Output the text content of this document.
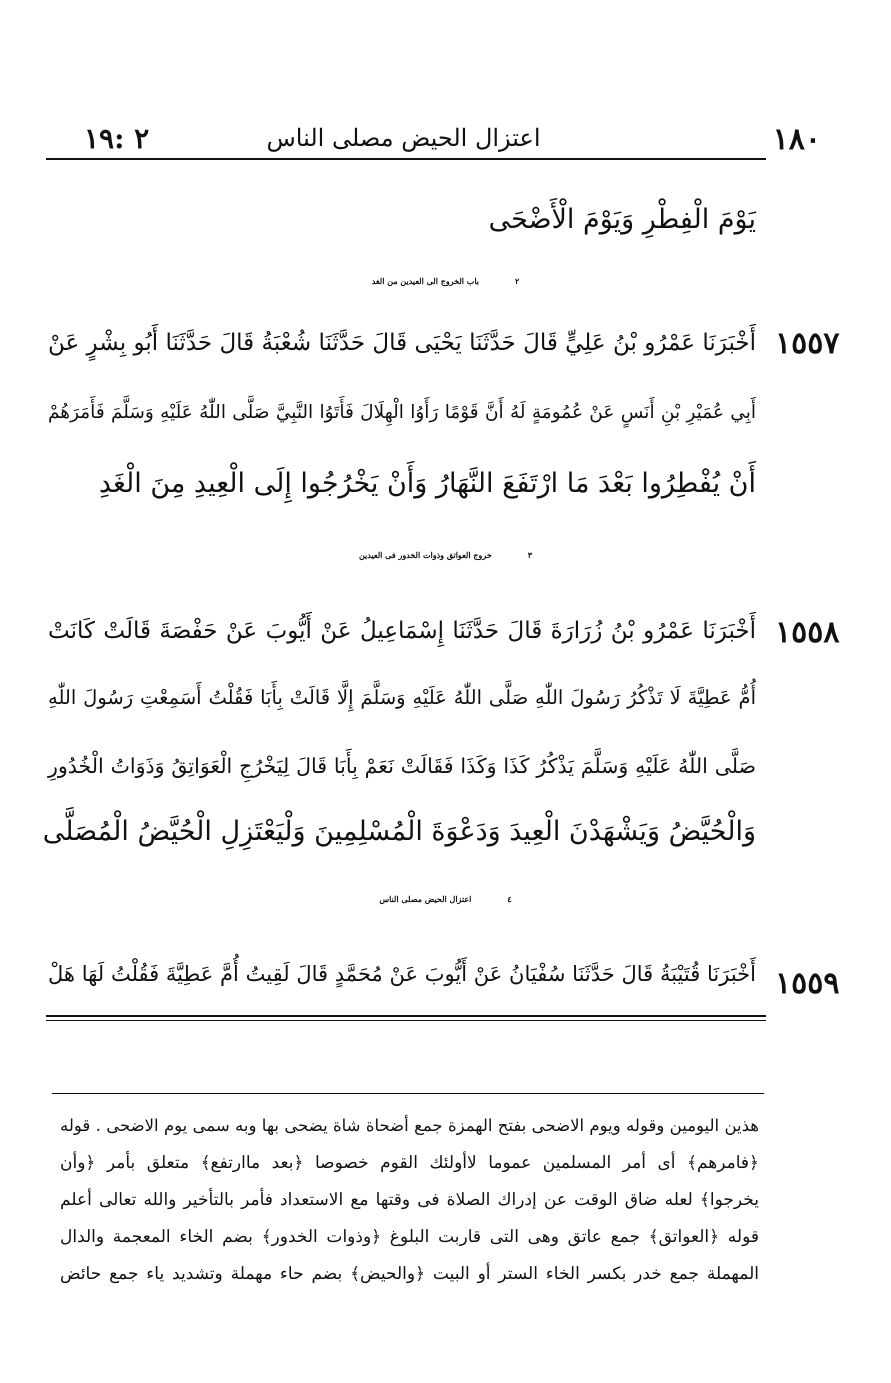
١٨٠
اعتزال الحيض مصلى الناس
٢ :١٩
يَوْمَ الْفِطْرِ وَيَوْمَ الْأَضْحَى
٢باب الخروج الى العيدين من الغد
١٥٥٧
أَخْبَرَنَا عَمْرُو بْنُ عَلِيٍّ قَالَ حَدَّثَنَا يَحْيَى قَالَ حَدَّثَنَا شُعْبَةُ قَالَ حَدَّثَنَا أَبُو بِشْرٍ عَنْ
أَبِي عُمَيْرِ بْنِ أَنَسٍ عَنْ عُمُومَةٍ لَهُ أَنَّ قَوْمًا رَأَوُا الْهِلَالَ فَأَتَوُا النَّبِيَّ صَلَّى اللّٰهُ عَلَيْهِ وَسَلَّمَ فَأَمَرَهُمْ
أَنْ يُفْطِرُوا بَعْدَ مَا ارْتَفَعَ النَّهَارُ وَأَنْ يَخْرُجُوا إِلَى الْعِيدِ مِنَ الْغَدِ
٣خروج العواتق وذوات الخدور فى العيدين
١٥٥٨
أَخْبَرَنَا عَمْرُو بْنُ زُرَارَةَ قَالَ حَدَّثَنَا إِسْمَاعِيلُ عَنْ أَيُّوبَ عَنْ حَفْصَةَ قَالَتْ كَانَتْ
أُمُّ عَطِيَّةَ لَا تَذْكُرُ رَسُولَ اللّٰهِ صَلَّى اللّٰهُ عَلَيْهِ وَسَلَّمَ إِلَّا قَالَتْ بِأَبَا فَقُلْتُ أَسَمِعْتِ رَسُولَ اللّٰهِ
صَلَّى اللّٰهُ عَلَيْهِ وَسَلَّمَ يَذْكُرُ كَذَا وَكَذَا فَقَالَتْ نَعَمْ بِأَبَا قَالَ لِيَخْرُجِ الْعَوَاتِقُ وَذَوَاتُ الْخُدُورِ
وَالْحُيَّضُ وَيَشْهَدْنَ الْعِيدَ وَدَعْوَةَ الْمُسْلِمِينَ وَلْيَعْتَزِلِ الْحُيَّضُ الْمُصَلَّى
٤اعتزال الحيض مصلى الناس
١٥٥٩
أَخْبَرَنَا قُتَيْبَةُ قَالَ حَدَّثَنَا سُفْيَانُ عَنْ أَيُّوبَ عَنْ مُحَمَّدٍ قَالَ لَقِيتُ أُمَّ عَطِيَّةَ فَقُلْتُ لَهَا هَلْ
هذين اليومين وقوله ويوم الاضحى بفتح الهمزة جمع أضحاة شاة يضحى بها وبه سمى يوم الاضحى . قوله
﴿فامرهم﴾ أى أمر المسلمين عموما لاأولئك القوم خصوصا ﴿بعد ماارتفع﴾ متعلق بأمر ﴿وأن
يخرجوا﴾ لعله ضاق الوقت عن إدراك الصلاة فى وقتها مع الاستعداد فأمر بالتأخير والله تعالى أعلم
قوله ﴿العواتق﴾ جمع عاتق وهى التى قاربت البلوغ ﴿وذوات الخدور﴾ بضم الخاء المعجمة والدال
المهملة جمع خدر بكسر الخاء الستر أو البيت ﴿والحيض﴾ بضم حاء مهملة وتشديد ياء جمع حائض
